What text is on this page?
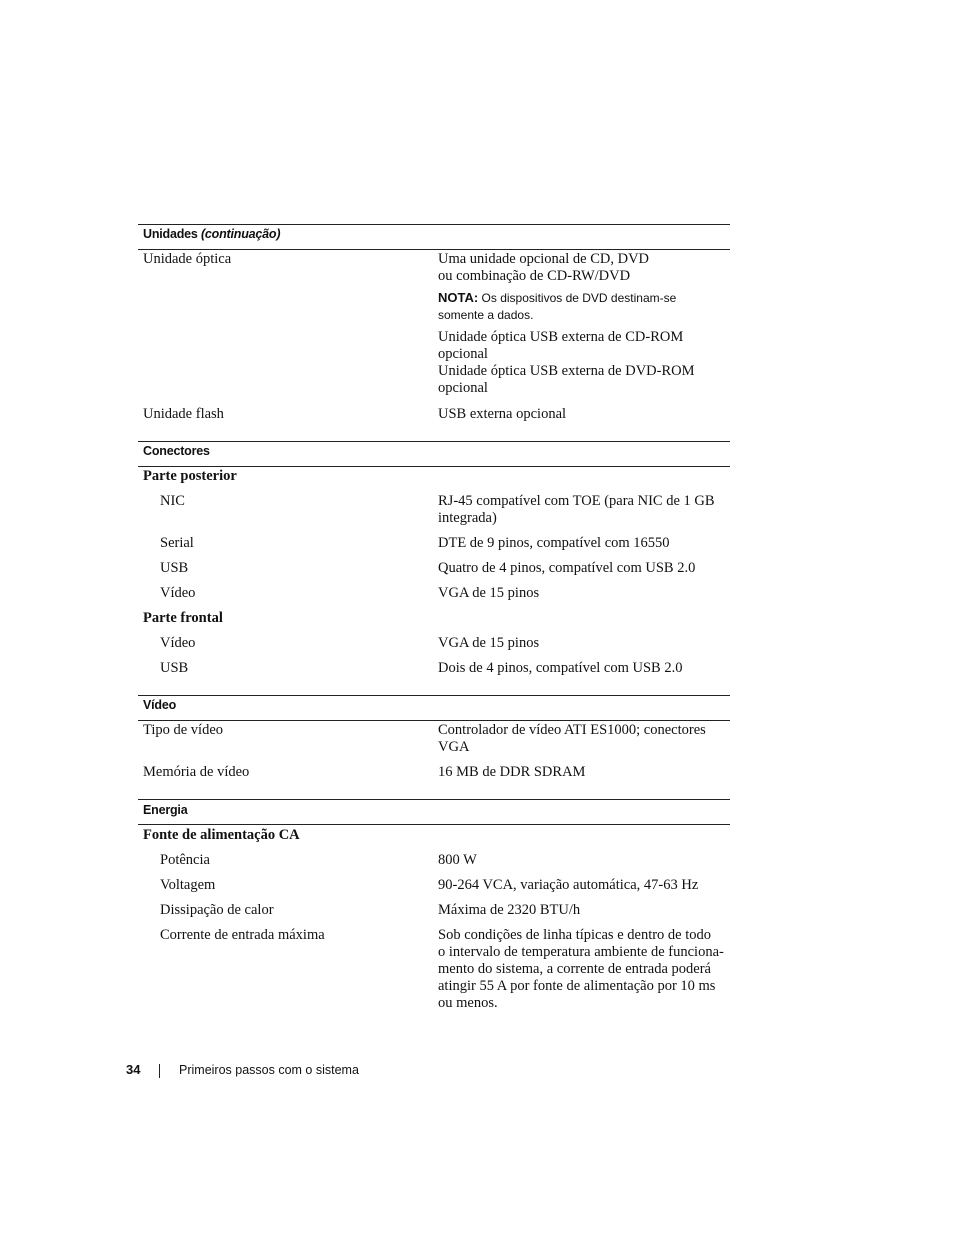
Unidades (continuação)
Unidade óptica	Uma unidade opcional de CD, DVD
ou combinação de CD-RW/DVD
NOTA: Os dispositivos de DVD destinam-se
somente a dados.
Unidade óptica USB externa de CD-ROM
opcional
Unidade óptica USB externa de DVD-ROM
opcional
Unidade flash	USB externa opcional
Conectores
Parte posterior
NIC	RJ-45 compatível com TOE (para NIC de 1 GB
integrada)
Serial	DTE de 9 pinos, compatível com 16550
USB	Quatro de 4 pinos, compatível com USB 2.0
Vídeo	VGA de 15 pinos
Parte frontal
Vídeo	VGA de 15 pinos
USB	Dois de 4 pinos, compatível com USB 2.0
Vídeo
Tipo de vídeo	Controlador de vídeo ATI ES1000; conectores
VGA
Memória de vídeo	16 MB de DDR SDRAM
Energia
Fonte de alimentação CA
Potência	800 W
Voltagem	90-264 VCA, variação automática, 47-63 Hz
Dissipação de calor	Máxima de 2320 BTU/h
Corrente de entrada máxima	Sob condições de linha típicas e dentro de todo
o intervalo de temperatura ambiente de funciona-
mento do sistema, a corrente de entrada poderá
atingir 55 A por fonte de alimentação por 10 ms
ou menos.
34	Primeiros passos com o sistema
